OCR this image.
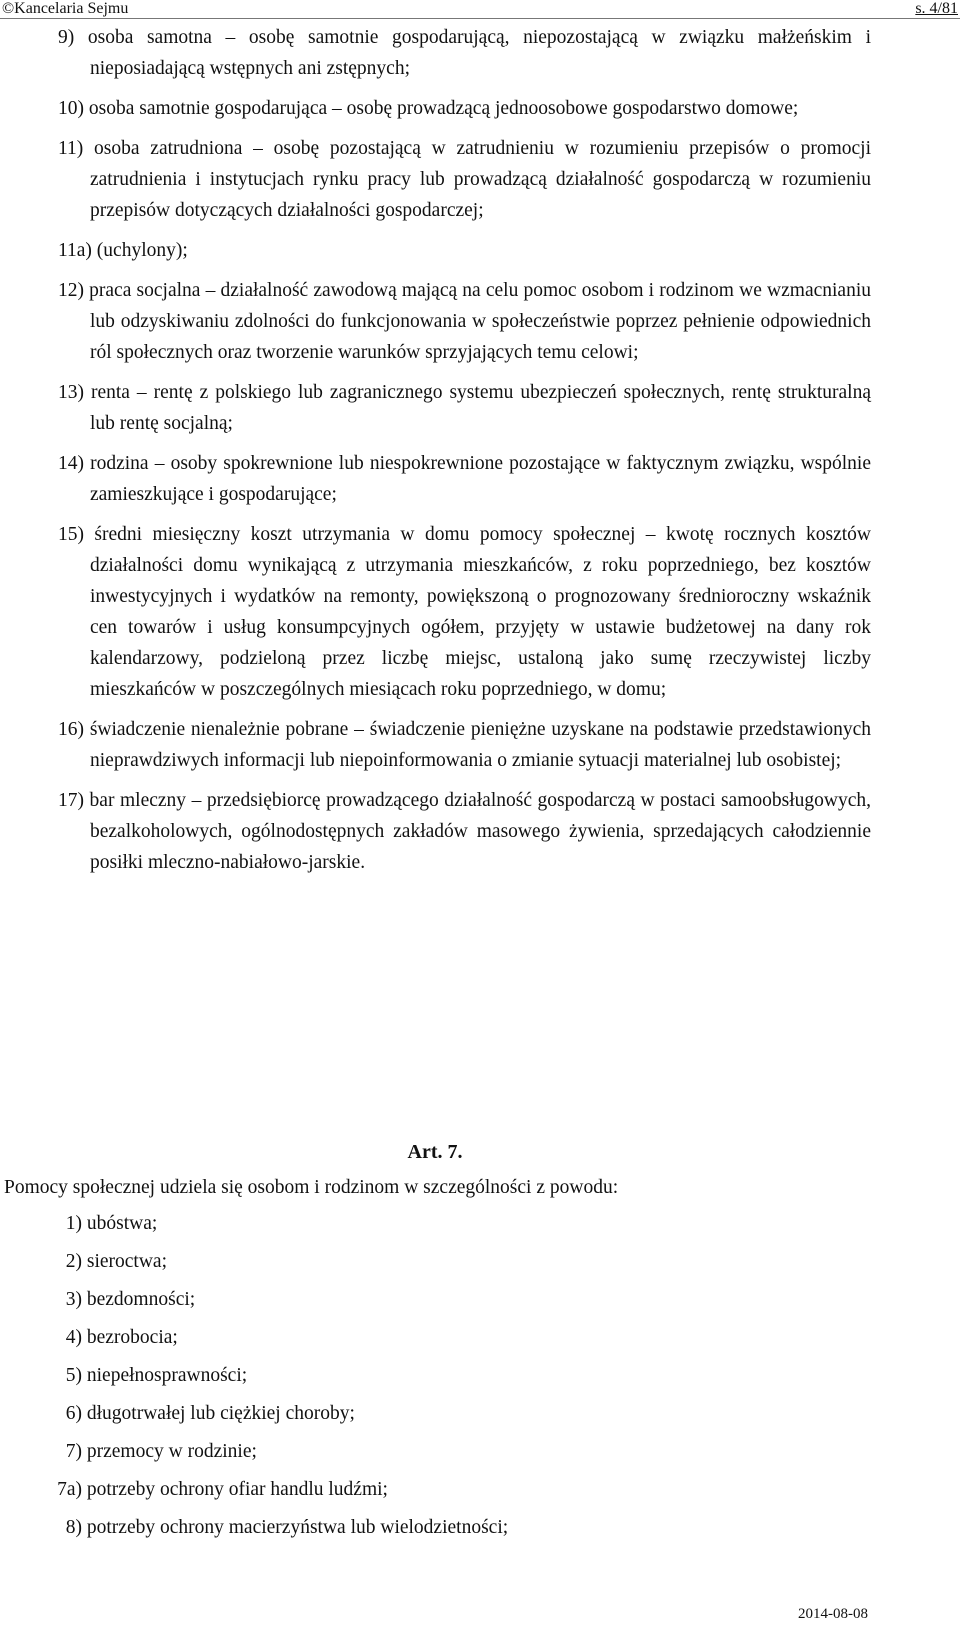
©Kancelaria Sejmu	s. 4/81

9) osoba samotna – osobę samotnie gospodarującą, niepozostającą w związku małżeńskim i nieposiadającą wstępnych ani zstępnych;

10) osoba samotnie gospodarująca – osobę prowadzącą jednoosobowe gospodarstwo domowe;

11) osoba zatrudniona – osobę pozostającą w zatrudnieniu w rozumieniu przepisów o promocji zatrudnienia i instytucjach rynku pracy lub prowadzącą działalność gospodarczą w rozumieniu przepisów dotyczących działalności gospodarczej;

11a) (uchylony);

12) praca socjalna – działalność zawodową mającą na celu pomoc osobom i rodzinom we wzmacnianiu lub odzyskiwaniu zdolności do funkcjonowania w społeczeństwie poprzez pełnienie odpowiednich ról społecznych oraz tworzenie warunków sprzyjających temu celowi;

13) renta – rentę z polskiego lub zagranicznego systemu ubezpieczeń społecznych, rentę strukturalną lub rentę socjalną;

14) rodzina – osoby spokrewnione lub niespokrewnione pozostające w faktycznym związku, wspólnie zamieszkujące i gospodarujące;

15) średni miesięczny koszt utrzymania w domu pomocy społecznej – kwotę rocznych kosztów działalności domu wynikającą z utrzymania mieszkańców, z roku poprzedniego, bez kosztów inwestycyjnych i wydatków na remonty, powiększoną o prognozowany średnioroczny wskaźnik cen towarów i usług konsumpcyjnych ogółem, przyjęty w ustawie budżetowej na dany rok kalendarzowy, podzieloną przez liczbę miejsc, ustaloną jako sumę rzeczywistej liczby mieszkańców w poszczególnych miesiącach roku poprzedniego, w domu;

16) świadczenie nienależnie pobrane – świadczenie pieniężne uzyskane na podstawie przedstawionych nieprawdziwych informacji lub niepoinformowania o zmianie sytuacji materialnej lub osobistej;

17) bar mleczny – przedsiębiorcę prowadzącego działalność gospodarczą w postaci samoobsługowych, bezalkoholowych, ogólnodostępnych zakładów masowego żywienia, sprzedających całodziennie posiłki mleczno-nabiałowo-jarskie.

Art. 7.
Pomocy społecznej udziela się osobom i rodzinom w szczególności z powodu:
1) ubóstwa;
2) sieroctwa;
3) bezdomności;
4) bezrobocia;
5) niepełnosprawności;
6) długotrwałej lub ciężkiej choroby;
7) przemocy w rodzinie;
7a) potrzeby ochrony ofiar handlu ludźmi;
8) potrzeby ochrony macierzyństwa lub wielodzietności;
2014-08-08
